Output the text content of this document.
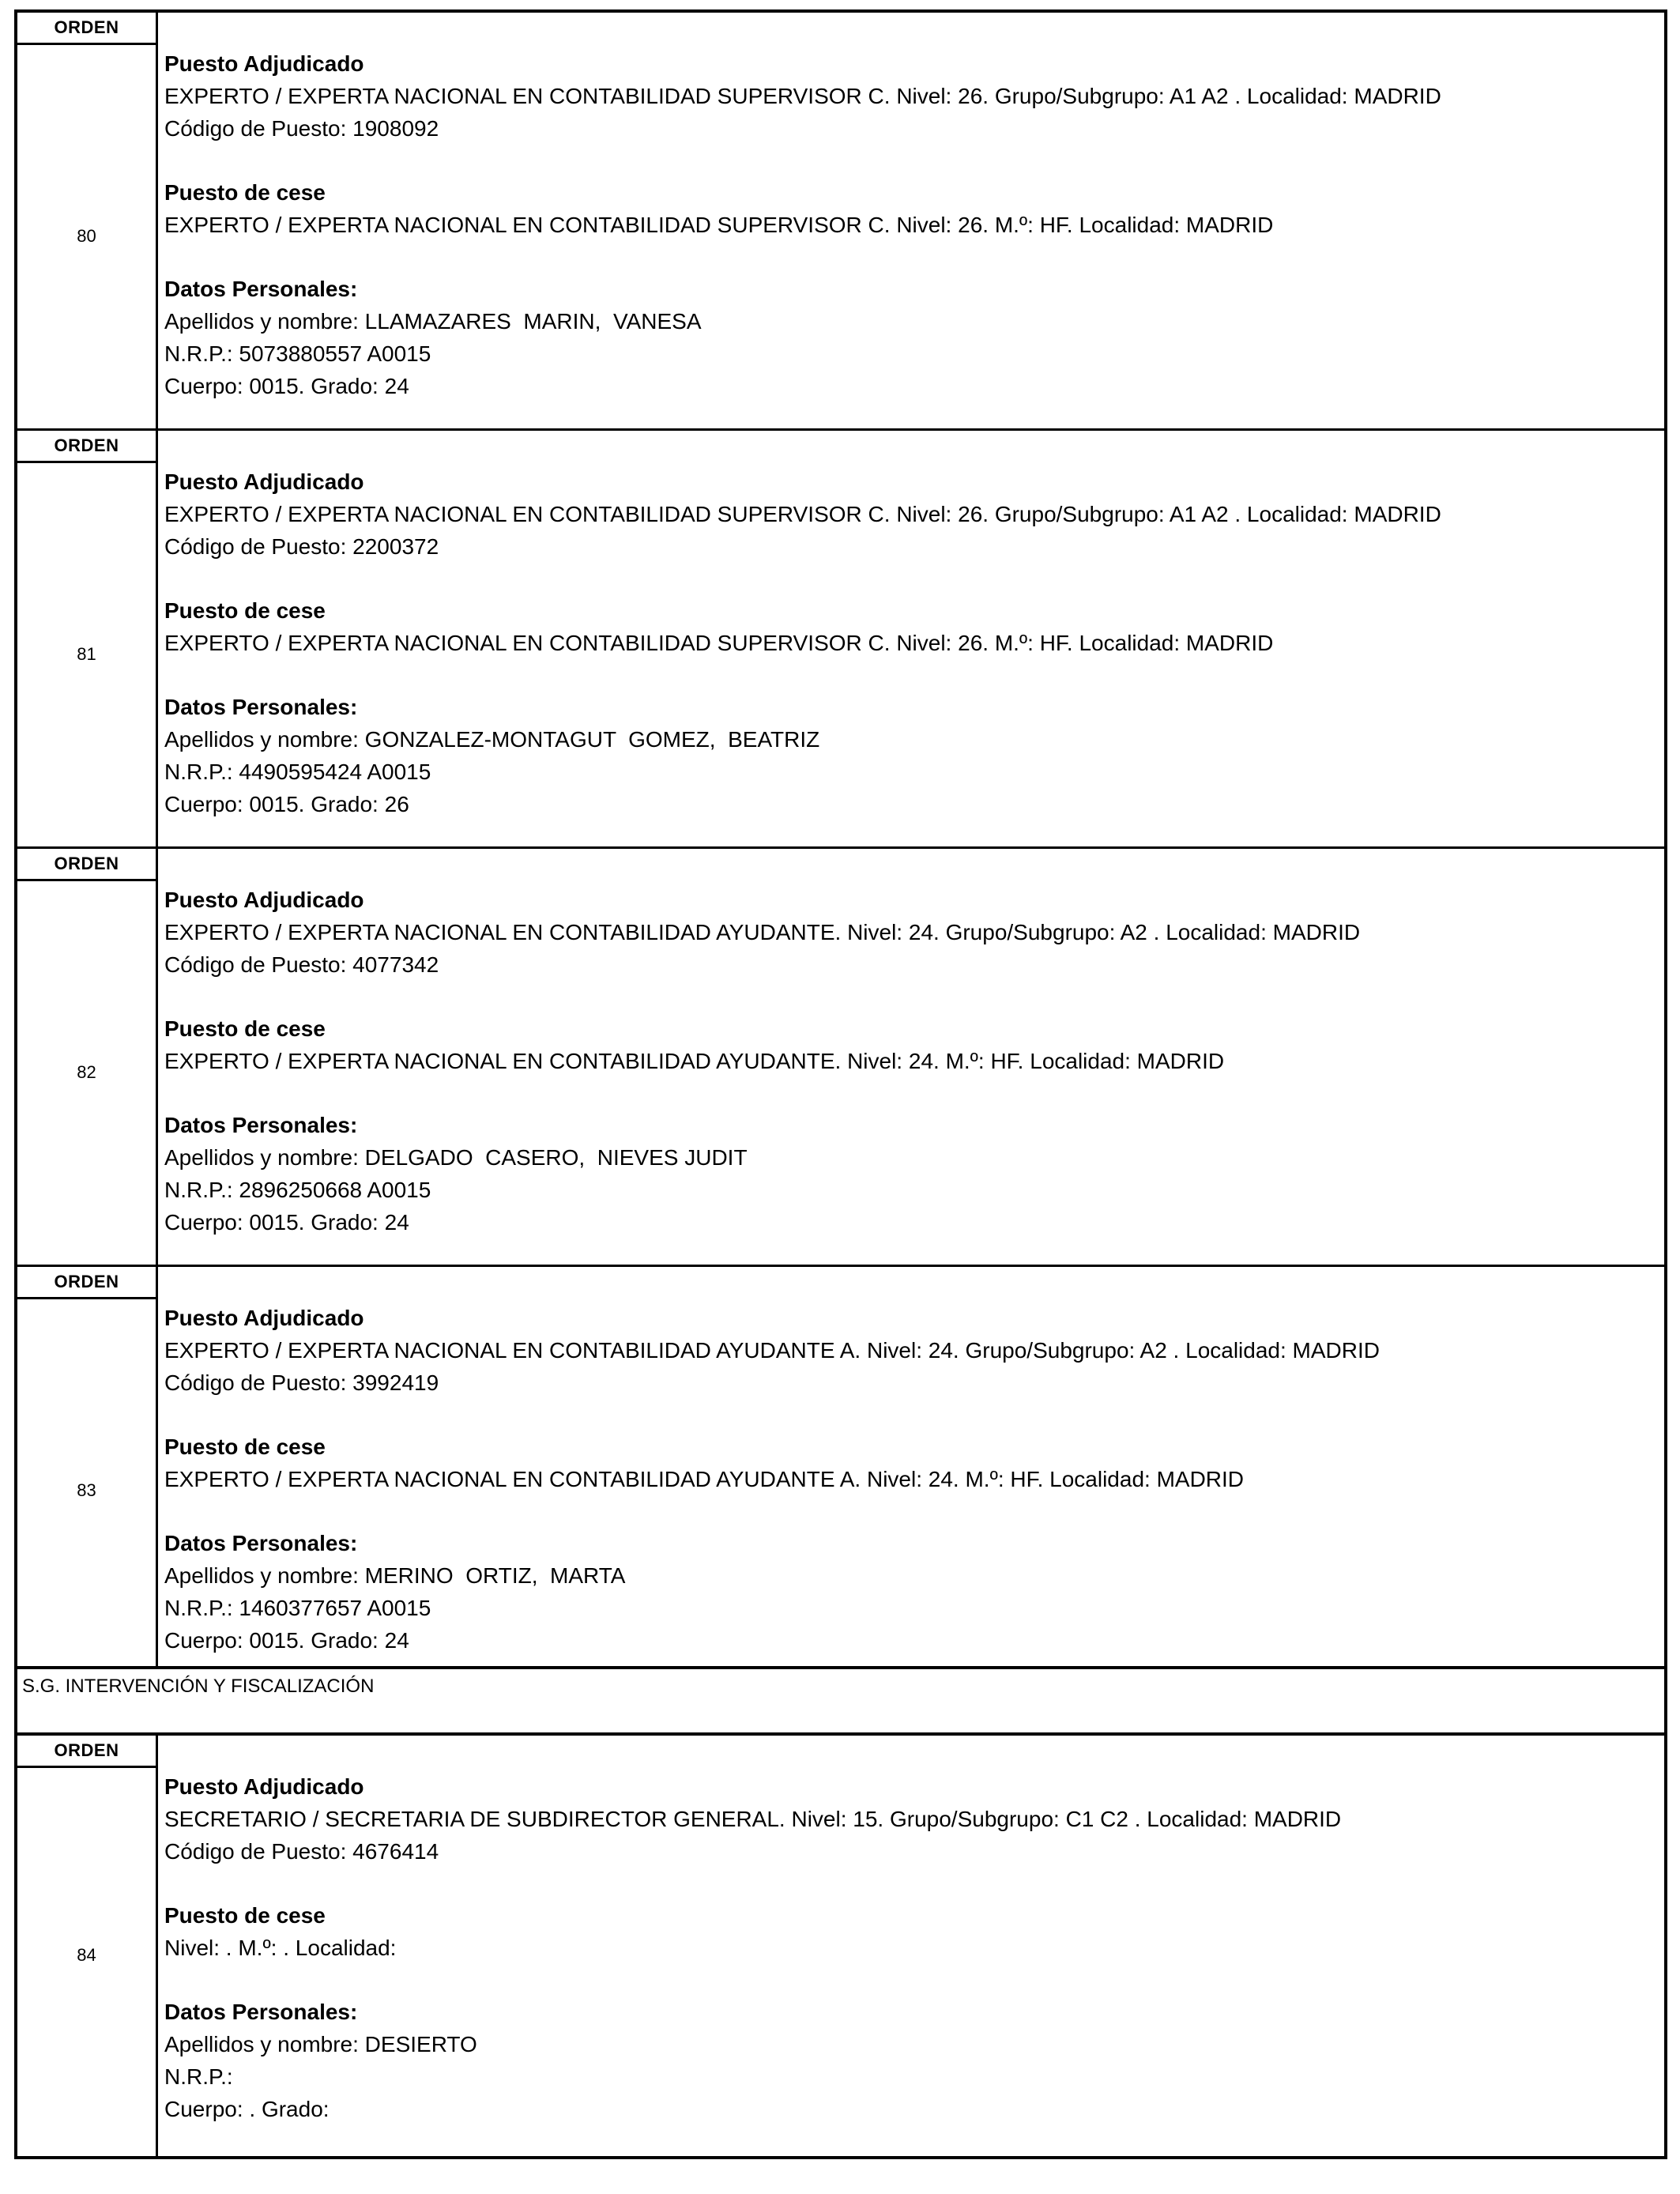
ORDEN
80
Puesto Adjudicado
EXPERTO / EXPERTA NACIONAL EN CONTABILIDAD SUPERVISOR C. Nivel: 26. Grupo/Subgrupo: A1 A2 . Localidad: MADRID
Código de Puesto: 1908092
Puesto de cese
EXPERTO / EXPERTA NACIONAL EN CONTABILIDAD SUPERVISOR C. Nivel: 26. M.º: HF. Localidad: MADRID
Datos Personales:
Apellidos y nombre: LLAMAZARES  MARIN,  VANESA
N.R.P.: 5073880557 A0015
Cuerpo: 0015. Grado: 24
ORDEN
81
Puesto Adjudicado
EXPERTO / EXPERTA NACIONAL EN CONTABILIDAD SUPERVISOR C. Nivel: 26. Grupo/Subgrupo: A1 A2 . Localidad: MADRID
Código de Puesto: 2200372
Puesto de cese
EXPERTO / EXPERTA NACIONAL EN CONTABILIDAD SUPERVISOR C. Nivel: 26. M.º: HF. Localidad: MADRID
Datos Personales:
Apellidos y nombre: GONZALEZ-MONTAGUT  GOMEZ,  BEATRIZ
N.R.P.: 4490595424 A0015
Cuerpo: 0015. Grado: 26
ORDEN
82
Puesto Adjudicado
EXPERTO / EXPERTA NACIONAL EN CONTABILIDAD AYUDANTE. Nivel: 24. Grupo/Subgrupo: A2 . Localidad: MADRID
Código de Puesto: 4077342
Puesto de cese
EXPERTO / EXPERTA NACIONAL EN CONTABILIDAD AYUDANTE. Nivel: 24. M.º: HF. Localidad: MADRID
Datos Personales:
Apellidos y nombre: DELGADO  CASERO,  NIEVES JUDIT
N.R.P.: 2896250668 A0015
Cuerpo: 0015. Grado: 24
ORDEN
83
Puesto Adjudicado
EXPERTO / EXPERTA NACIONAL EN CONTABILIDAD AYUDANTE A. Nivel: 24. Grupo/Subgrupo: A2 . Localidad: MADRID
Código de Puesto: 3992419
Puesto de cese
EXPERTO / EXPERTA NACIONAL EN CONTABILIDAD AYUDANTE A. Nivel: 24. M.º: HF. Localidad: MADRID
Datos Personales:
Apellidos y nombre: MERINO  ORTIZ,  MARTA
N.R.P.: 1460377657 A0015
Cuerpo: 0015. Grado: 24
S.G. INTERVENCIÓN Y FISCALIZACIÓN
ORDEN
84
Puesto Adjudicado
SECRETARIO / SECRETARIA DE SUBDIRECTOR GENERAL. Nivel: 15. Grupo/Subgrupo: C1 C2 . Localidad: MADRID
Código de Puesto: 4676414
Puesto de cese
Nivel: . M.º: . Localidad:
Datos Personales:
Apellidos y nombre: DESIERTO
N.R.P.:
Cuerpo: . Grado:
